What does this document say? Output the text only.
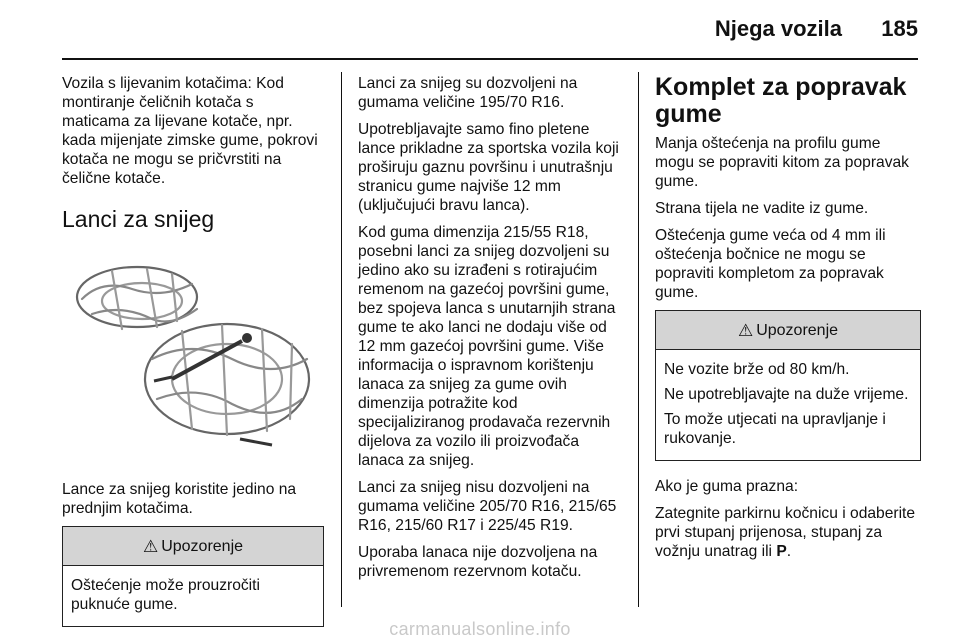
Njega vozila 185

Vozila s lijevanim kotačima: Kod montiranje čeličnih kotača s maticama za lijevane kotače, npr. kada mijenjate zimske gume, pokrovi kotača ne mogu se pričvrstiti na čelične kotače.

Lanci za snijeg

Lance za snijeg koristite jedino na prednjim kotačima.

⚠ Upozorenje

Oštećenje može prouzročiti puknuće gume.

Lanci za snijeg su dozvoljeni na gumama veličine 195/70 R16.

Upotrebljavajte samo fino pletene lance prikladne za sportska vozila koji proširuju gaznu površinu i unutrašnju stranicu gume najviše 12 mm (uključujući bravu lanca).

Kod guma dimenzija 215/55 R18, posebni lanci za snijeg dozvoljeni su jedino ako su izrađeni s rotirajućim remenom na gazećoj površini gume, bez spojeva lanca s unutarnjih strana gume te ako lanci ne dodaju više od 12 mm gazećoj površini gume. Više informacija o ispravnom korištenju lanaca za snijeg za gume ovih dimenzija potražite kod specijaliziranog prodavača rezervnih dijelova za vozilo ili proizvođača lanaca za snijeg.

Lanci za snijeg nisu dozvoljeni na gumama veličine 205/70 R16, 215/65 R16, 215/60 R17 i 225/45 R19.

Uporaba lanaca nije dozvoljena na privremenom rezervnom kotaču.

Komplet za popravak gume

Manja oštećenja na profilu gume mogu se popraviti kitom za popravak gume.

Strana tijela ne vadite iz gume.

Oštećenja gume veća od 4 mm ili oštećenja bočnice ne mogu se popraviti kompletom za popravak gume.

⚠ Upozorenje

Ne vozite brže od 80 km/h.

Ne upotrebljavajte na duže vrijeme.

To može utjecati na upravljanje i rukovanje.

Ako je guma prazna:

Zategnite parkirnu kočnicu i odaberite prvi stupanj prijenosa, stupanj za vožnju unatrag ili P.

carmanualsonline.info
